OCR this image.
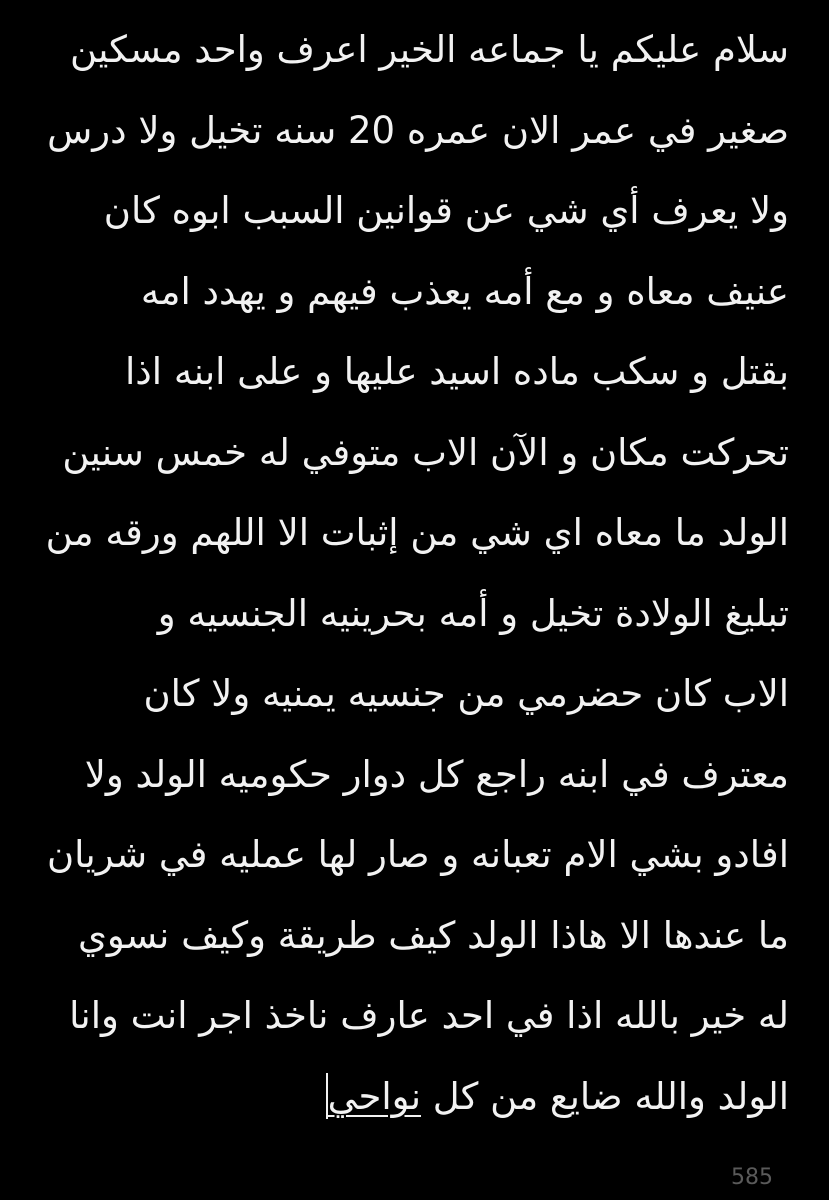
سلام عليكم يا جماعه الخير اعرف واحد مسكين
صغير في عمر الان عمره 20 سنه تخيل ولا درس
ولا يعرف أي شي عن قوانين السبب ابوه كان
عنيف معاه و مع أمه يعذب فيهم و يهدد امه
بقتل و سكب ماده اسيد عليها و على ابنه اذا
تحركت مكان و الآن الاب متوفي له خمس سنين
الولد ما معاه اي شي من إثبات الا اللهم ورقه من
تبليغ الولادة تخيل و أمه بحرينيه الجنسيه و
الاب كان حضرمي من جنسيه يمنيه ولا كان
معترف في ابنه راجع كل دوار حكوميه الولد ولا
افادو بشي الام تعبانه و صار لها عمليه في شريان
ما عندها الا هاذا الولد كيف طريقة وكيف نسوي
له خير بالله اذا في احد عارف ناخذ اجر انت وانا
الولد والله ضايع من كل نواحي
585
